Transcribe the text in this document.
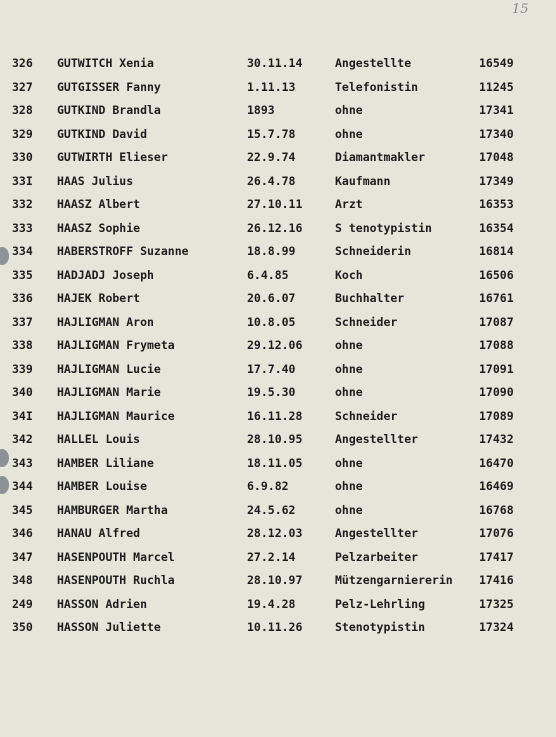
15
326 GUTWITCH Xenia	30.11.14	Angestellte	16549
327 GUTGISSER Fanny	1.11.13	Telefonistin	11245
328 GUTKIND Brandla	1893	ohne	17341
329 GUTKIND David	15.7.78	ohne	17340
330 GUTWIRTH Elieser	22.9.74	Diamantmakler	17048
33I HAAS Julius	26.4.78	Kaufmann	17349
332 HAASZ Albert	27.10.11	Arzt	16353
333 HAASZ Sophie	26.12.16	S tenotypistin	16354
334 HABERSTROFF Suzanne	18.8.99	Schneiderin	16814
335 HADJADJ Joseph	6.4.85	Koch	16506
336 HAJEK Robert	20.6.07	Buchhalter	16761
337 HAJLIGMAN Aron	10.8.05	Schneider	17087
338 HAJLIGMAN Frymeta	29.12.06	ohne	17088
339 HAJLIGMAN Lucie	17.7.40	ohne	17091
340 HAJLIGMAN Marie	19.5.30	ohne	17090
34I HAJLIGMAN Maurice	16.11.28	Schneider	17089
342 HALLEL Louis	28.10.95	Angestellter	17432
343 HAMBER Liliane	18.11.05	ohne	16470
344 HAMBER Louise	6.9.82	ohne	16469
345 HAMBURGER Martha	24.5.62	ohne	16768
346 HANAU Alfred	28.12.03	Angestellter	17076
347 HASENPOUTH Marcel	27.2.14	Pelzarbeiter	17417
348 HASENPOUTH Ruchla	28.10.97	Mützengarniererin 17416
249 HASSON Adrien	19.4.28	Pelz-Lehrling	17325
350 HASSON Juliette	10.11.26	Stenotypistin	17324
